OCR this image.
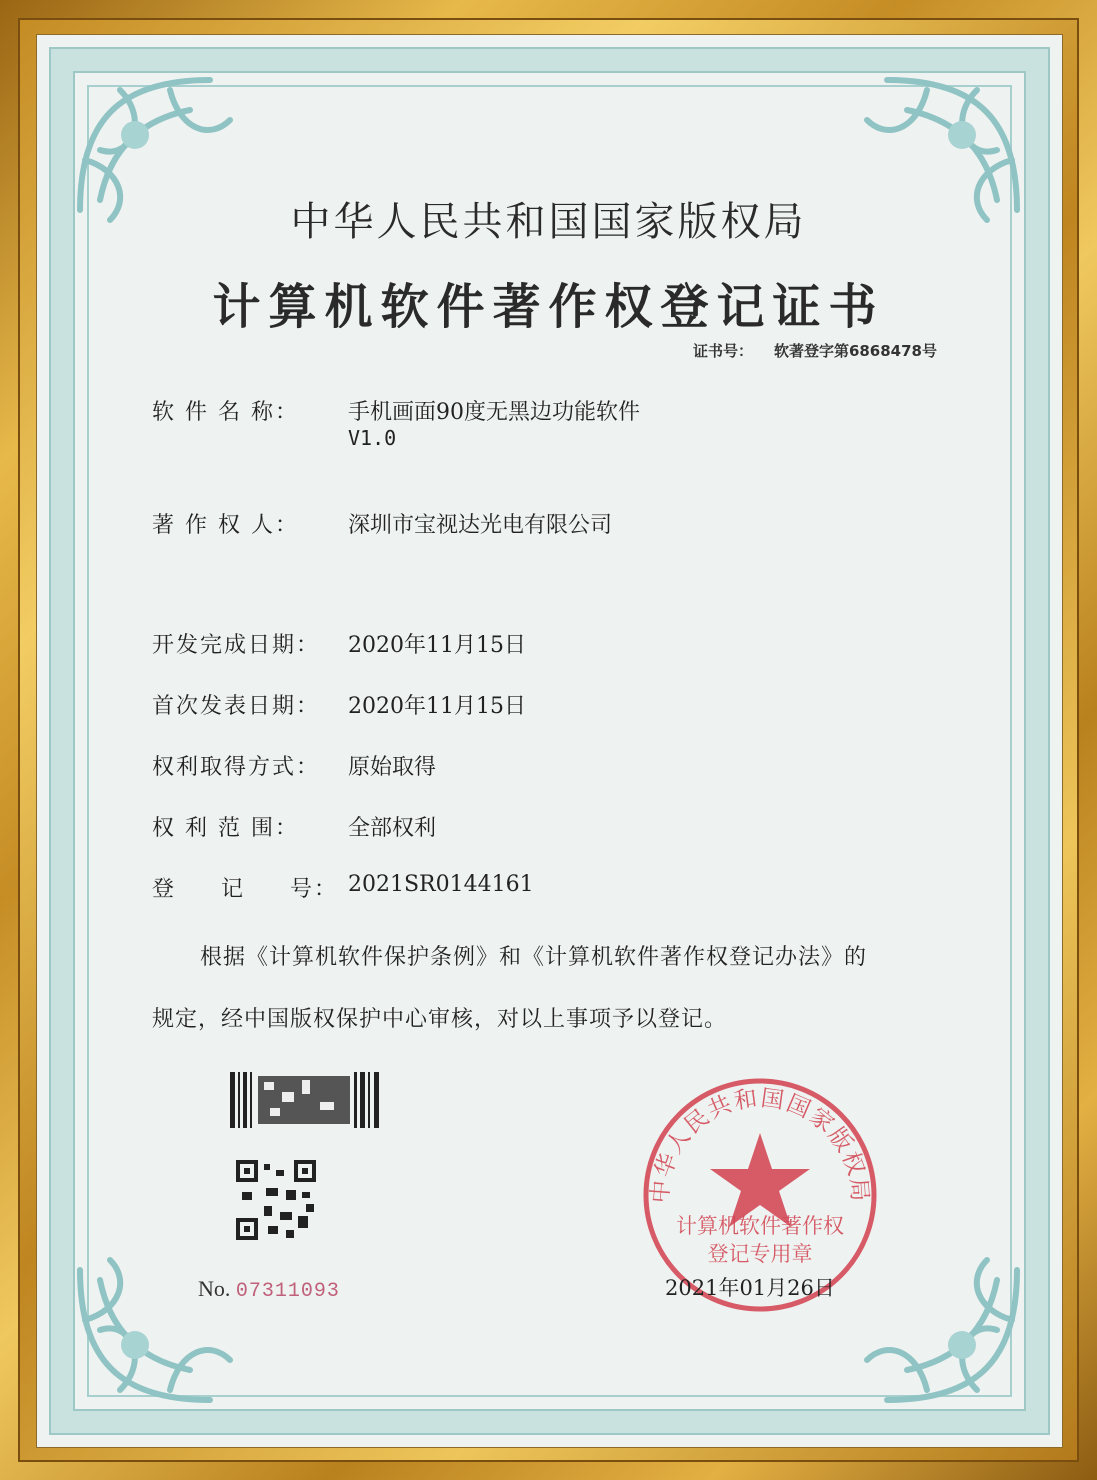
中华人民共和国国家版权局
计算机软件著作权登记证书
证书号： 软著登字第6868478号
软 件 名 称： 手机画面90度无黑边功能软件
V1.0
著 作 权 人： 深圳市宝视达光电有限公司
开发完成日期： 2020年11月15日
首次发表日期： 2020年11月15日
权利取得方式： 原始取得
权 利 范 围： 全部权利
登 记 号： 2021SR0144161
根据《计算机软件保护条例》和《计算机软件著作权登记办法》的
规定，经中国版权保护中心审核，对以上事项予以登记。
No. 07311093
中华人民共和国国家版权局
计算机软件著作权
登记专用章
2021年01月26日
